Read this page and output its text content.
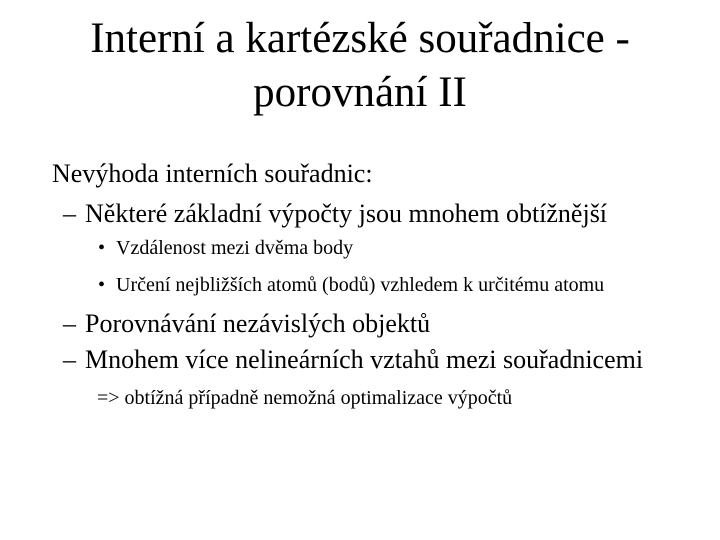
Interní a kartézské souřadnice -
porovnání II
Nevýhoda interních souřadnic:
– Některé základní výpočty jsou mnohem obtížnější
• Vzdálenost mezi dvěma body
• Určení nejbližších atomů (bodů) vzhledem k určitému atomu
– Porovnávání nezávislých objektů
– Mnohem více nelineárních vztahů mezi souřadnicemi
=> obtížná případně nemožná optimalizace výpočtů
